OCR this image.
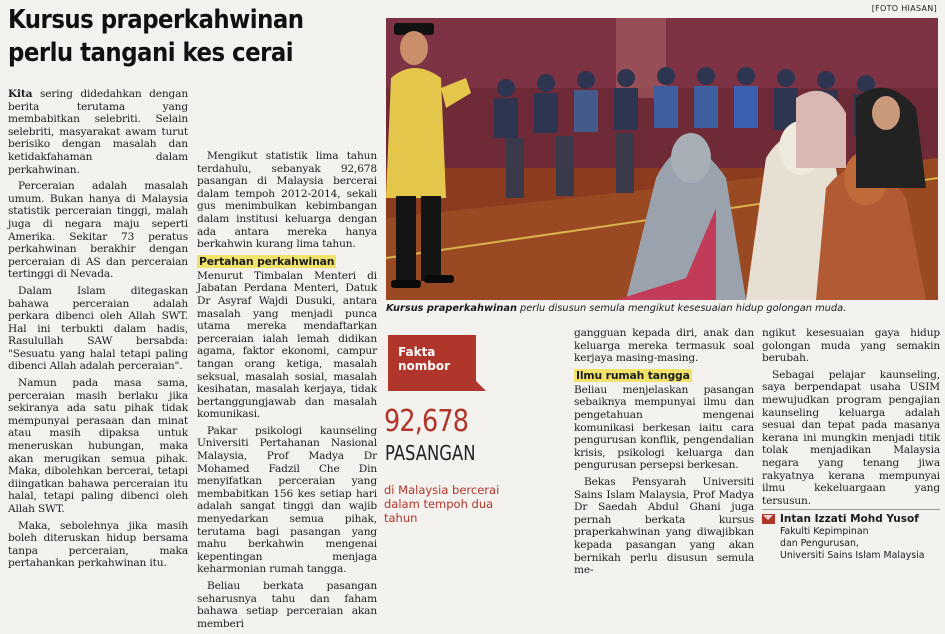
[FOTO HIASAN]
Kursus praperkahwinan
perlu tangani kes cerai

Kita sering didedahkan dengan berita terutama yang membabitkan selebriti. Selain selebriti, masyarakat awam turut berisiko dengan masalah dan ketidakfahaman dalam perkahwinan.

Perceraian adalah masalah umum. Bukan hanya di Malaysia statistik perceraian tinggi, malah juga di negara maju seperti Amerika. Sekitar 73 peratus perkahwinan berakhir dengan perceraian di AS dan perceraian tertinggi di Nevada.

Dalam Islam ditegaskan bahawa perceraian adalah perkara dibenci oleh Allah SWT. Hal ini terbukti dalam hadis, Rasulullah SAW bersabda: "Sesuatu yang halal tetapi paling dibenci Allah adalah perceraian".

Namun pada masa sama, perceraian masih berlaku jika sekiranya ada satu pihak tidak mempunyai perasaan dan minat atau masih dipaksa untuk meneruskan hubungan, maka akan merugikan semua pihak. Maka, dibolehkan bercerai, tetapi diingatkan bahawa perceraian itu halal, tetapi paling dibenci oleh Allah SWT.

Maka, sebolehnya jika masih boleh diteruskan hidup bersama tanpa perceraian, maka pertahankan perkahwinan itu.

Mengikut statistik lima tahun terdahulu, sebanyak 92,678 pasangan di Malaysia bercerai dalam tempoh 2012-2014, sekali gus menimbulkan kebimbangan dalam institusi keluarga dengan ada antara mereka hanya berkahwin kurang lima tahun.

Pertahan perkahwinan

Menurut Timbalan Menteri di Jabatan Perdana Menteri, Datuk Dr Asyraf Wajdi Dusuki, antara masalah yang menjadi punca utama mereka mendaftarkan perceraian ialah lemah didikan agama, faktor ekonomi, campur tangan orang ketiga, masalah seksual, masalah sosial, masalah kesihatan, masalah kerjaya, tidak bertanggungjawab dan masalah komunikasi.

Pakar psikologi kaunseling Universiti Pertahanan Nasional Malaysia, Prof Madya Dr Mohamed Fadzil Che Din menyifatkan perceraian yang membabitkan 156 kes setiap hari adalah sangat tinggi dan wajib menyedarkan semua pihak, terutama bagi pasangan yang mahu berkahwin mengenai kepentingan menjaga keharmonian rumah tangga.

Beliau berkata pasangan seharusnya tahu dan faham bahawa setiap perceraian akan memberi

Kursus praperkahwinan perlu disusun semula mengikut kesesuaian hidup golongan muda.
Fakta
nombor
92,678
PASANGAN
di Malaysia bercerai dalam tempoh dua tahun

gangguan kepada diri, anak dan keluarga mereka termasuk soal kerjaya masing-masing.

Ilmu rumah tangga

Beliau menjelaskan pasangan sebaiknya mempunyai ilmu dan pengetahuan mengenai komunikasi berkesan iaitu cara pengurusan konflik, pengendalian krisis, psikologi keluarga dan pengurusan persepsi berkesan.

Bekas Pensyarah Universiti Sains Islam Malaysia, Prof Madya Dr Saedah Abdul Ghani juga pernah berkata kursus praperkahwinan yang diwajibkan kepada pasangan yang akan bernikah perlu disusun semula me-

ngikut kesesuaian gaya hidup golongan muda yang semakin berubah.

Sebagai pelajar kaunseling, saya berpendapat usaha USIM mewujudkan program pengajian kaunseling keluarga adalah sesuai dan tepat pada masanya kerana ini mungkin menjadi titik tolak menjadikan Malaysia negara yang tenang jiwa rakyatnya kerana mempunyai ilmu kekeluargaan yang tersusun.

Intan Izzati Mohd Yusof
Fakulti Kepimpinan
dan Pengurusan,
Universiti Sains Islam Malaysia
